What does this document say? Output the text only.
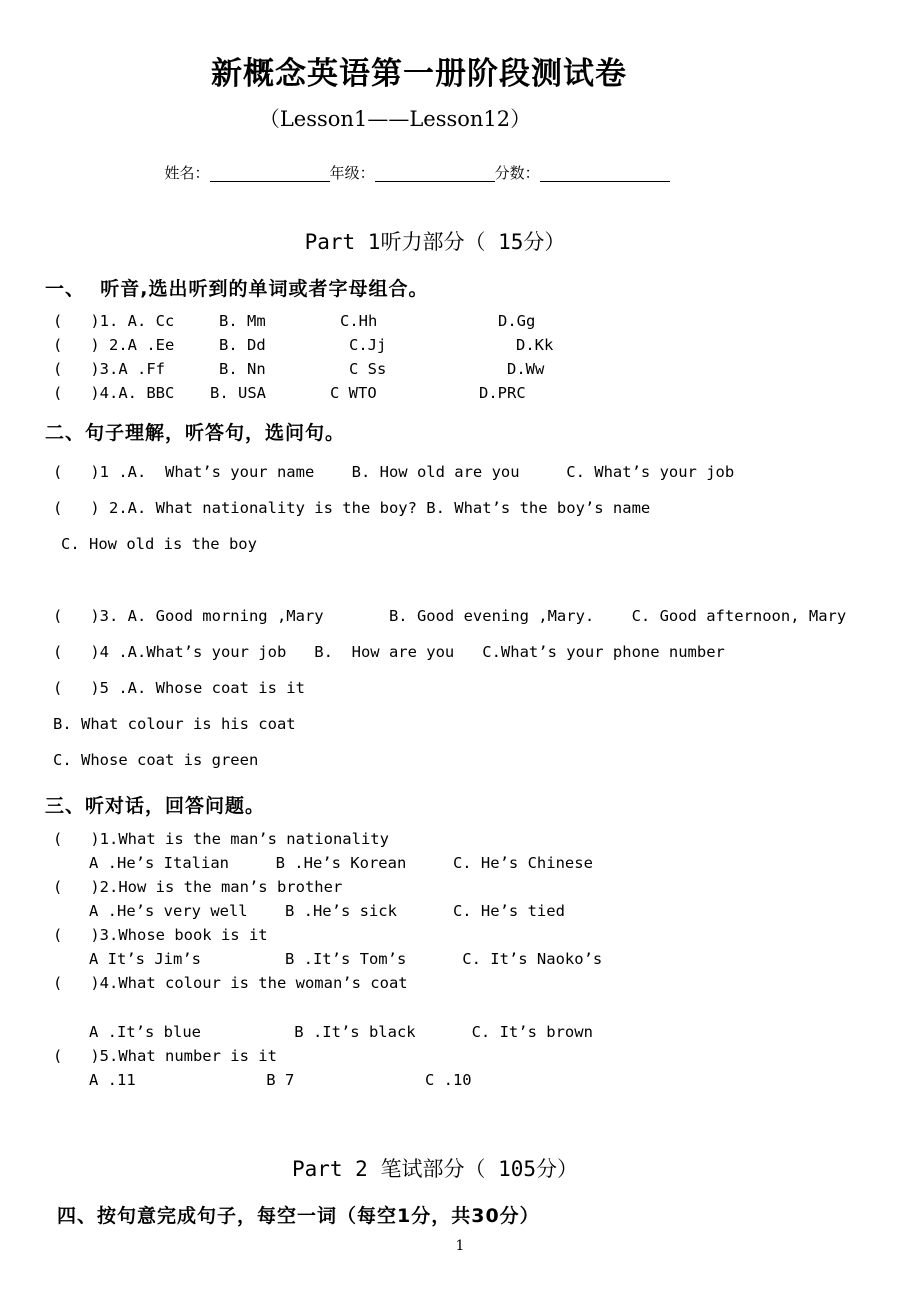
新概念英语第一册阶段测试卷
（Lesson1——Lesson12）

姓名：	年级：	分数：

Part 1听力部分（ 15分）
一、  听音,选出听到的单词或者字母组合。
(   )1. A. Cc	B. Mm	C.Hh	D.Gg
(   ) 2.A .Ee	B. Dd	C.Jj	D.Kk
(   )3.A .Ff	B. Nn	C Ss	D.Ww
(   )4.A. BBC B. USA	C WTO	D.PRC
二、句子理解，听答句，选问句。
(   )1 .A.  What’s your name    B. How old are you     C. What’s your job
(   ) 2.A. What nationality is the boy? B. What’s the boy’s name
C. How old is the boy
(   )3. A. Good morning ,Mary       B. Good evening ,Mary.    C. Good afternoon, Mary
(   )4 .A.What’s your job   B.  How are you   C.What’s your phone number
(   )5 .A. Whose coat is it
B. What colour is his coat
C. Whose coat is green
三、听对话，回答问题。
(   )1.What is the man’s nationality
A .He’s Italian     B .He’s Korean     C. He’s Chinese
(   )2.How is the man’s brother
A .He’s very well    B .He’s sick      C. He’s tied
(   )3.Whose book is it
A It’s Jim’s         B .It’s Tom’s      C. It’s Naoko’s
(   )4.What colour is the woman’s coat
A .It’s blue          B .It’s black      C. It’s brown
(   )5.What number is it
A .11              B 7              C .10
Part 2 笔试部分（ 105分）
四、按句意完成句子，每空一词（每空1分，共30分）
1
